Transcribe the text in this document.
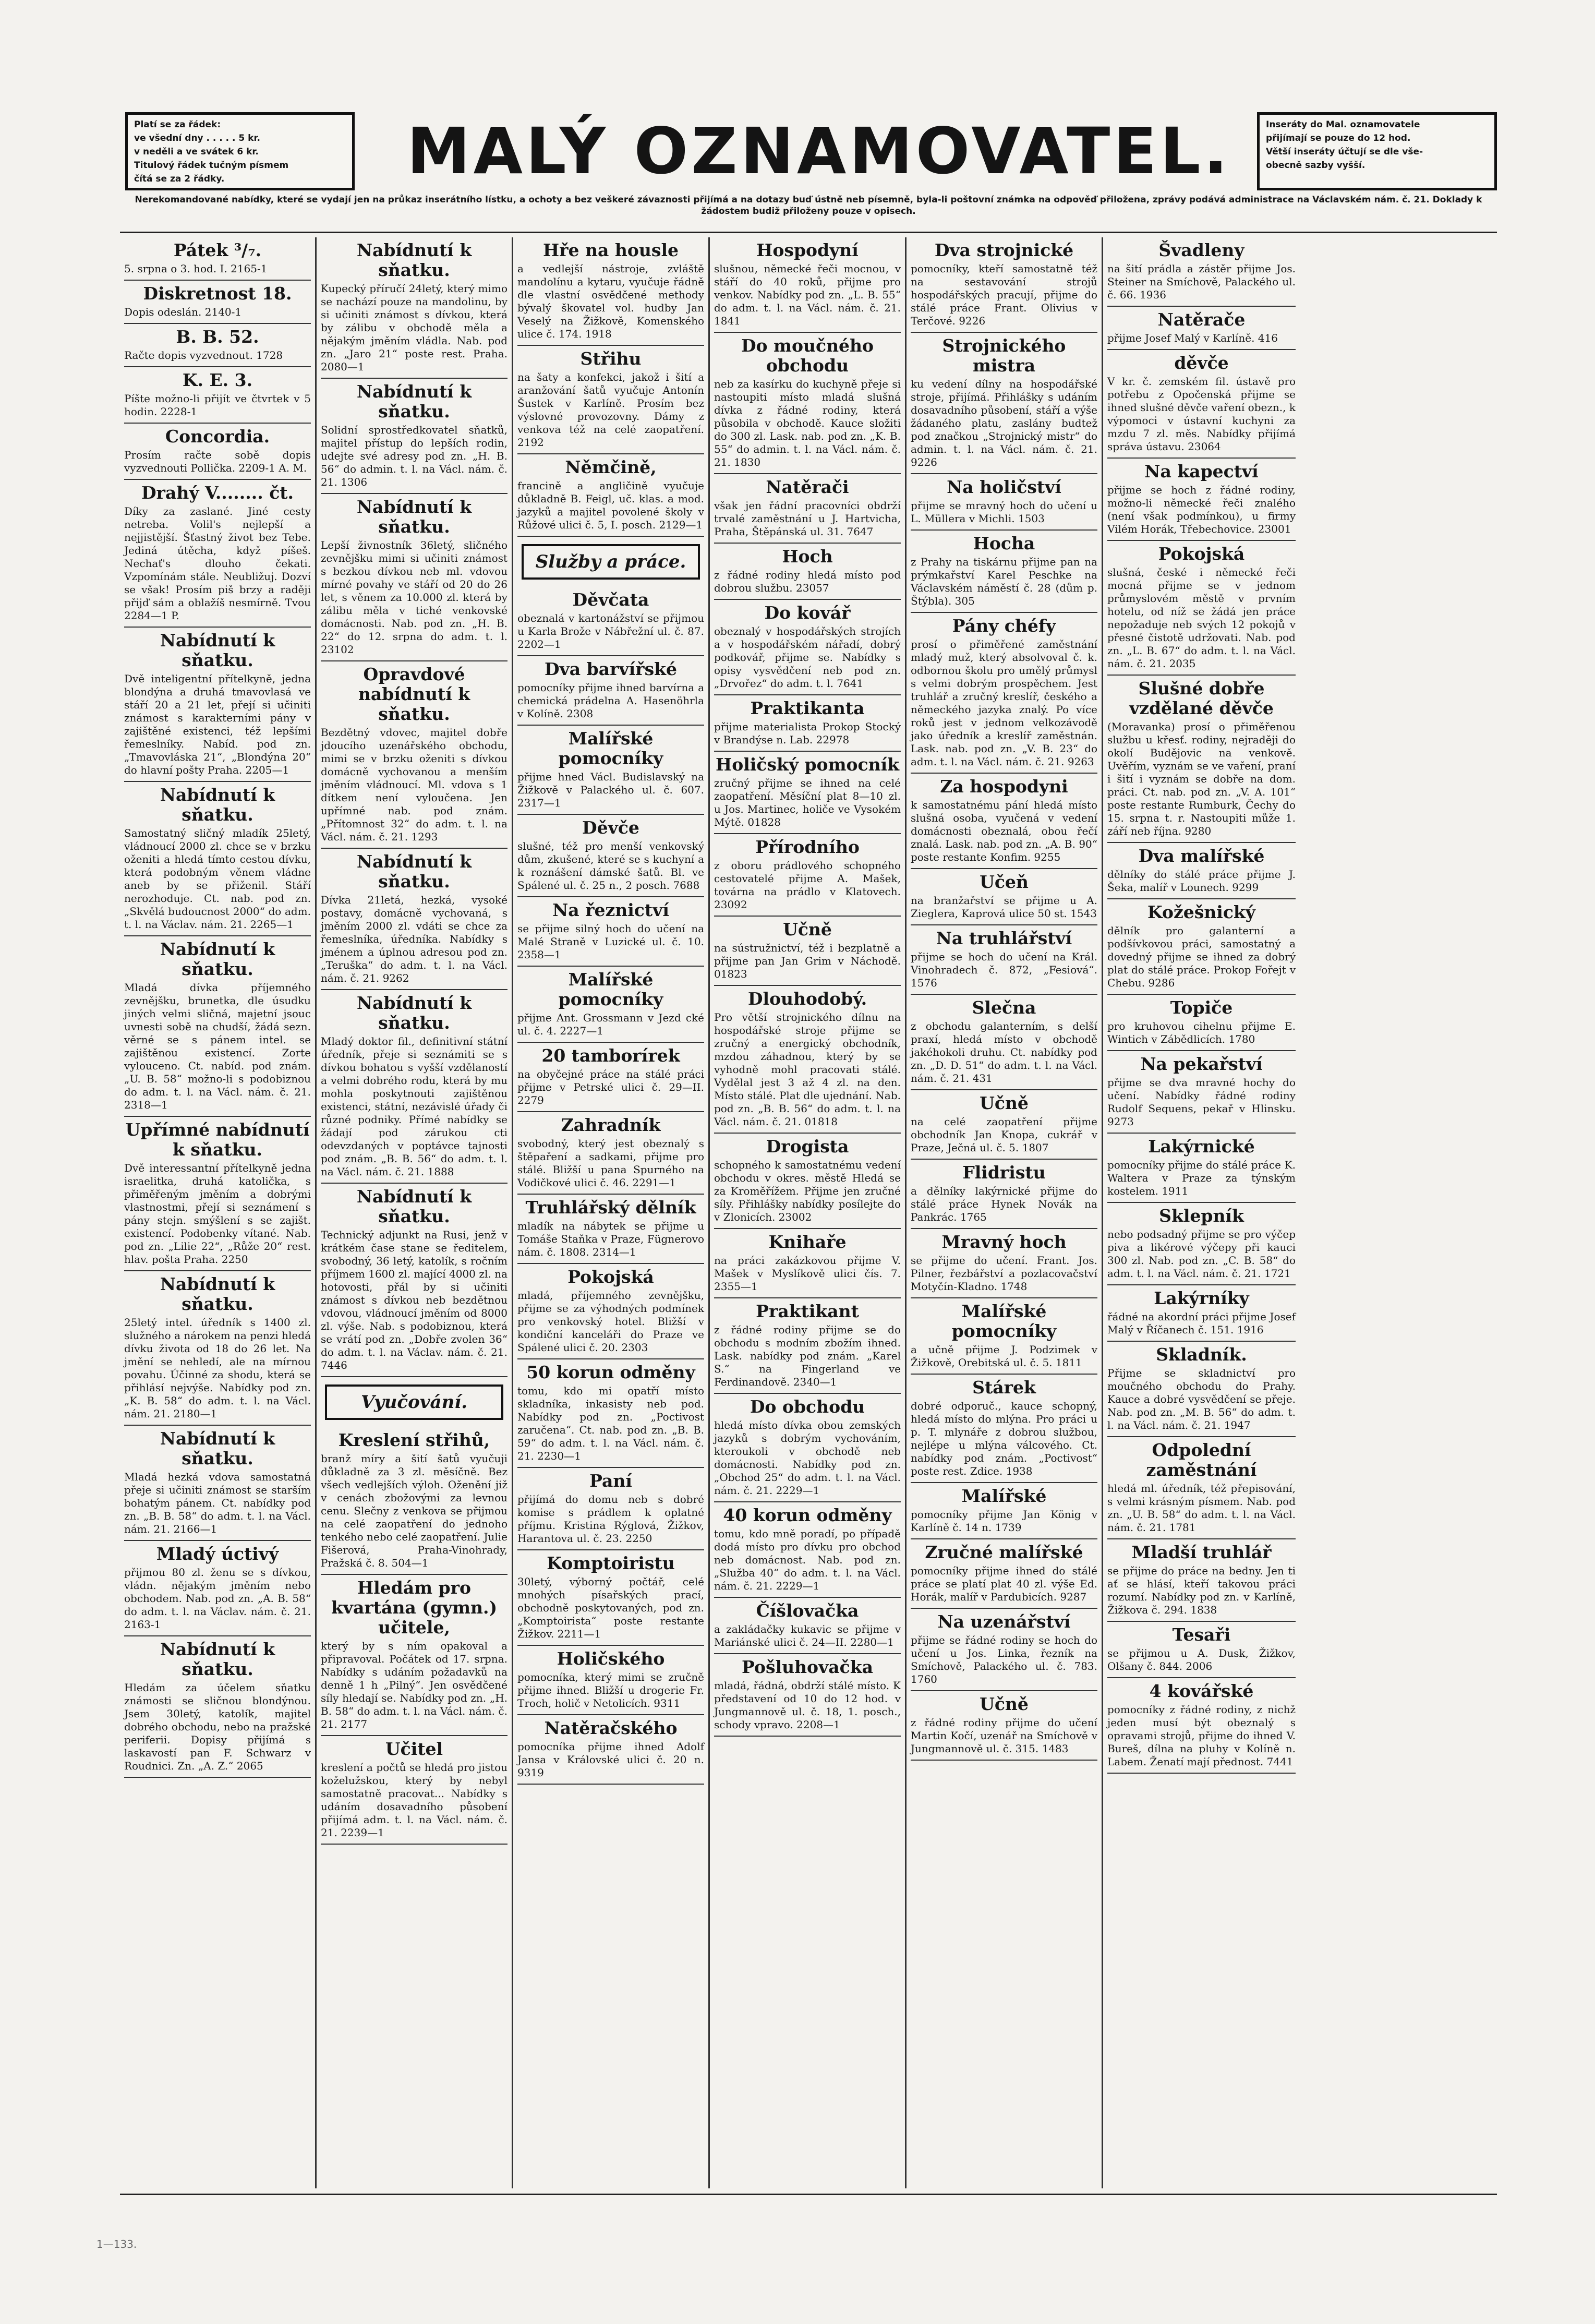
Platí se za řádek:

ve všední dny . . . . . 5 kr.

v neděli a ve svátek 6 kr.

Titulový řádek tučným písmem

čítá se za 2 řádky.	MALÝ OZNAMOVATEL.	Inseráty do Mal. oznamovatele

přijímají se pouze do 12 hod.

Větší inseráty účtují se dle vše-

obecně sazby vyšší.

Nerekomandované nabídky, které se vydají jen na průkaz inserátního lístku, a ochoty a bez veškeré závaznosti přijímá a na dotazy buď ústně neb písemně, byla-li poštovní známka na odpověď přiložena, zprávy podává administrace na Václavském nám. č. 21. Doklady k žádostem budiž přiloženy pouze v opisech.

Pátek ³/₇.

5. srpna o 3. hod. I. 2165-1

Diskretnost 18.

Dopis odeslán. 2140-1

B. B. 52.

Račte dopis vyzvednout. 1728

K. E. 3.

Píšte možno-li přijít ve čtvrtek v 5 hodin. 2228-1

Concordia.

Prosím račte sobě dopis vyzvednouti Pollička. 2209-1 A. M.

Drahý V........ čt.

Díky za zaslané. Jiné cesty netreba. Volil's nejlepší a nejjistější. Šťastný život bez Tebe. Jediná útěcha, když píšeš. Nechať's dlouho čekati. Vzpomínám stále. Neubližuj. Dozví se však! Prosím piš brzy a raději přijď sám a oblažíš nesmírně. Tvou 2284—1 P.

Nabídnutí k sňatku.

Dvě inteligentní přítelkyně, jedna blondýna a druhá tmavovlasá ve stáří 20 a 21 let, přejí si učiniti známost s karakterními pány v zajištěné existenci, též lepšími řemeslníky. Nabíd. pod zn. „Tmavovláska 21“, „Blondýna 20“ do hlavní pošty Praha. 2205—1

Nabídnutí k sňatku.

Samostatný sličný mladík 25letý, vládnoucí 2000 zl. chce se v brzku oženiti a hledá tímto cestou dívku, která podobným věnem vládne aneb by se přiženil. Stáří nerozhoduje. Ct. nab. pod zn. „Skvělá budoucnost 2000“ do adm. t. l. na Václav. nám. 21. 2265—1

Nabídnutí k sňatku.

Mladá dívka příjemného zevnějšku, brunetka, dle úsudku jiných velmi sličná, majetní jsouc uvnesti sobě na chudší, žádá sezn. věrné se s pánem intel. se zajištěnou existencí. Zorte vylouceno. Ct. nabíd. pod znám. „U. B. 58“ možno-li s podobiznou do adm. t. l. na Václ. nám. č. 21. 2318—1

Upřímné nabídnutí k sňatku.

Dvě interessantní přítelkyně jedna israelitka, druhá katolička, s přiměřeným jměním a dobrými vlastnostmi, přejí si seznámení s pány stejn. smýšlení s se zajišt. existencí. Podobenky vítané. Nab. pod zn. „Lilie 22“, „Růže 20“ rest. hlav. pošta Praha. 2250

Nabídnutí k sňatku.

25letý intel. úředník s 1400 zl. služného a nárokem na penzi hledá dívku života od 18 do 26 let. Na jmění se nehledí, ale na mírnou povahu. Účinné za shodu, která se přihlásí nejvýše. Nabídky pod zn. „K. B. 58“ do adm. t. l. na Václ. nám. 21. 2180—1

Nabídnutí k sňatku.

Mladá hezká vdova samostatná přeje si učiniti známost se starším bohatým pánem. Ct. nabídky pod zn. „B. B. 58“ do adm. t. l. na Václ. nám. 21. 2166—1

Mladý úctivý

přijmou 80 zl. ženu se s dívkou, vládn. nějakým jměním nebo obchodem. Nab. pod zn. „A. B. 58“ do adm. t. l. na Václav. nám. č. 21. 2163-1

Nabídnutí k sňatku.

Hledám za účelem sňatku známosti se sličnou blondýnou. Jsem 30letý, katolík, majitel dobrého obchodu, nebo na pražské periferii. Dopisy přijímá s laskavostí pan F. Schwarz v Roudnici. Zn. „A. Z.“ 2065

Nabídnutí k sňatku.

Kupecký příručí 24letý, který mimo se nachází pouze na mandolinu, by si učiniti známost s dívkou, která by zálibu v obchodě měla a nějakým jměním vládla. Nab. pod zn. „Jaro 21“ poste rest. Praha. 2080—1

Nabídnutí k sňatku.

Solidní sprostředkovatel sňatků, majitel přístup do lepších rodin, udejte své adresy pod zn. „H. B. 56“ do admin. t. l. na Václ. nám. č. 21. 1306

Nabídnutí k sňatku.

Lepší živnostník 36letý, sličného zevnějšku mimi si učiniti známost s bezkou dívkou neb ml. vdovou mírné povahy ve stáří od 20 do 26 let, s věnem za 10.000 zl. která by zálibu měla v tiché venkovské domácnosti. Nab. pod zn. „H. B. 22“ do 12. srpna do adm. t. l. 23102

Opravdové nabídnutí k sňatku.

Bezdětný vdovec, majitel dobře jdoucího uzenářského obchodu, mimi se v brzku oženiti s dívkou domácně vychovanou a menším jměním vládnoucí. Ml. vdova s 1 dítkem není vyloučena. Jen upřímné nab. pod znám. „Přítomnost 32“ do adm. t. l. na Václ. nám. č. 21. 1293

Nabídnutí k sňatku.

Dívka 21letá, hezká, vysoké postavy, domácně vychovaná, s jměním 2000 zl. vdáti se chce za řemeslníka, úředníka. Nabídky s jménem a úplnou adresou pod zn. „Teruška“ do adm. t. l. na Václ. nám. č. 21. 9262

Nabídnutí k sňatku.

Mladý doktor fil., definitivní státní úředník, přeje si seznámiti se s dívkou bohatou s vyšší vzdělaností a velmi dobrého rodu, která by mu mohla poskytnouti zajištěnou existenci, státní, nezávislé úřady či různé podniky. Přímé nabídky se žádají pod zárukou cti odevzdaných v poptávce tajnosti pod znám. „B. B. 56“ do adm. t. l. na Václ. nám. č. 21. 1888

Nabídnutí k sňatku.

Technický adjunkt na Rusi, jenž v krátkém čase stane se ředitelem, svobodný, 36 letý, katolík, s ročním příjmem 1600 zl. mající 4000 zl. na hotovosti, přál by si učiniti známost s dívkou neb bezdětnou vdovou, vládnoucí jměním od 8000 zl. výše. Nab. s podobiznou, která se vrátí pod zn. „Dobře zvolen 36“ do adm. t. l. na Václav. nám. č. 21. 7446

Vyučování.
Kreslení střihů,

branž míry a šití šatů vyučuji důkladně za 3 zl. měsíčně. Bez všech vedlejších výloh. Oženění již v cenách zbožovými za levnou cenu. Slečny z venkova se přijmou na celé zaopatření do jednoho tenkého nebo celé zaopatření. Julie Fišerová, Praha-Vinohrady, Pražská č. 8. 504—1

Hledám pro kvartána (gymn.) učitele,

který by s ním opakoval a připravoval. Počátek od 17. srpna. Nabídky s udáním požadavků na denně 1 h „Pilný“. Jen osvědčené síly hledají se. Nabídky pod zn. „H. B. 58“ do adm. t. l. na Václ. nám. č. 21. 2177

Učitel

kreslení a počtů se hledá pro jistou koželužskou, který by nebyl samostatně pracovat... Nabídky s udáním dosavadního působení přijímá adm. t. l. na Václ. nám. č. 21. 2239—1

Hře na housle

a vedlejší nástroje, zvláště mandolínu a kytaru, vyučuje řádně dle vlastní osvědčené methody bývalý škovatel vol. hudby Jan Veselý na Žižkově, Komenského ulice č. 174. 1918

Střihu

na šaty a konfekci, jakož i šití a aranžování šatů vyučuje Antonín Šustek v Karlíně. Prosím bez výslovné provozovny. Dámy z venkova též na celé zaopatření. 2192

Němčině,

francině a angličině vyučuje důkladně B. Feigl, uč. klas. a mod. jazyků a majitel povolené školy v Růžové ulici č. 5, I. posch. 2129—1

Služby a práce.
Děvčata

obeznalá v kartonážství se přijmou u Karla Brože v Nábřežní ul. č. 87. 2202—1

Dva barvířské

pomocníky přijme ihned barvírna a chemická prádelna A. Hasenöhrla v Kolíně. 2308

Malířské pomocníky

přijme hned Václ. Budislavský na Žižkově v Palackého ul. č. 607. 2317—1

Děvče

slušné, též pro menší venkovský dům, zkušené, které se s kuchyní a k roznášení dámské šatů. Bl. ve Spálené ul. č. 25 n., 2 posch. 7688

Na řeznictví

se přijme silný hoch do učení na Malé Straně v Luzické ul. č. 10. 2358—1

Malířské pomocníky

přijme Ant. Grossmann v Jezd cké ul. č. 4. 2227—1

20 tamborírek

na obyčejné práce na stálé práci přijme v Petrské ulici č. 29—II. 2279

Zahradník

svobodný, který jest obeznalý s štěpaření a sadkami, přijme pro stálé. Bližší u pana Spurného na Vodičkové ulici č. 46. 2291—1

Truhlářský dělník

mladík na nábytek se přijme u Tomáše Staňka v Praze, Fügnerovo nám. č. 1808. 2314—1

Pokojská

mladá, příjemného zevnějšku, přijme se za výhodných podmínek pro venkovský hotel. Bližší v kondiční kanceláři do Praze ve Spálené ulici č. 20. 2303

50 korun odměny

tomu, kdo mi opatří místo skladníka, inkasisty neb pod. Nabídky pod zn. „Poctivost zaručena“. Ct. nab. pod zn. „B. B. 59“ do adm. t. l. na Václ. nám. č. 21. 2230—1

Paní

přijímá do domu neb s dobré komise s prádlem k oplatné příjmu. Kristina Rýglová, Žižkov, Harantova ul. č. 23. 2250

Komptoiristu

30letý, výborný počtář, celé mnohých písařských prací, obchodně poskytovaných, pod zn. „Komptoirista“ poste restante Žižkov. 2211—1

Holičského

pomocníka, který mimi se zručně přijme ihned. Bližší u drogerie Fr. Troch, holič v Netolicích. 9311

Natěračského

pomocníka přijme ihned Adolf Jansa v Královské ulici č. 20 n. 9319

Hospodyní

slušnou, německé řeči mocnou, v stáří do 40 roků, přijme pro venkov. Nabídky pod zn. „L. B. 55“ do adm. t. l. na Václ. nám. č. 21. 1841

Do moučného obchodu

neb za kasírku do kuchyně přeje si nastoupiti místo mladá slušná dívka z řádné rodiny, která působila v obchodě. Kauce složiti do 300 zl. Lask. nab. pod zn. „K. B. 55“ do admin. t. l. na Václ. nám. č. 21. 1830

Natěrači

však jen řádní pracovníci obdrží trvalé zaměstnání u J. Hartvicha, Praha, Štěpánská ul. 31. 7647

Hoch

z řádné rodiny hledá místo pod dobrou službu. 23057

Do kovář

obeznalý v hospodářských strojích a v hospodářském nářadí, dobrý podkovář, přijme se. Nabídky s opisy vysvědčení neb pod zn. „Drvořez“ do adm. t. l. 7641

Praktikanta

přijme materialista Prokop Stocký v Brandýse n. Lab. 22978

Holičský pomocník

zručný přijme se ihned na celé zaopatření. Měsíční plat 8—10 zl. u Jos. Martinec, holiče ve Vysokém Mýtě. 01828

Přírodního

z oboru prádlového schopného cestovatelé přijme A. Mašek, továrna na prádlo v Klatovech. 23092

Učně

na sústružnictví, též i bezplatně a přijme pan Jan Grim v Náchodě. 01823

Dlouhodobý.

Pro větší strojnického dílnu na hospodářské stroje přijme se zručný a energický obchodník, mzdou záhadnou, který by se vyhodně mohl pracovati stálé. Vydělal jest 3 až 4 zl. na den. Místo stálé. Plat dle ujednání. Nab. pod zn. „B. B. 56“ do adm. t. l. na Václ. nám. č. 21. 01818

Drogista

schopného k samostatnému vedení obchodu v okres. městě Hledá se za Kroměřížem. Přijme jen zručné síly. Přihlášky nabídky posílejte do v Zlonicích. 23002

Knihaře

na práci zakázkovou přijme V. Mašek v Myslíkově ulici čís. 7. 2355—1

Praktikant

z řádné rodiny přijme se do obchodu s modním zbožím ihned. Lask. nabídky pod znám. „Karel S.“ na Fingerland ve Ferdinandově. 2340—1

Do obchodu

hledá místo dívka obou zemských jazyků s dobrým vychováním, kteroukoli v obchodě neb domácnosti. Nabídky pod zn. „Obchod 25“ do adm. t. l. na Václ. nám. č. 21. 2229—1

40 korun odměny

tomu, kdo mně poradí, po případě dodá místo pro dívku pro obchod neb domácnost. Nab. pod zn. „Služba 40“ do adm. t. l. na Václ. nám. č. 21. 2229—1

Číšlovačka

a zakládačky kukavic se přijme v Mariánské ulici č. 24—II. 2280—1

Pošluhovačka

mladá, řádná, obdrží stálé místo. K představení od 10 do 12 hod. v Jungmannově ul. č. 18, 1. posch., schody vpravo. 2208—1

Dva strojnické

pomocníky, kteří samostatně též na sestavování strojů hospodářských pracují, přijme do stálé práce Frant. Olivius v Terčové. 9226

Strojnického mistra

ku vedení dílny na hospodářské stroje, přijímá. Přihlášky s udáním dosavadního působení, stáří a výše žádaného platu, zaslány budtež pod značkou „Strojnický mistr“ do admin. t. l. na Václ. nám. č. 21. 9226

Na holičství

přijme se mravný hoch do učení u L. Müllera v Michli. 1503

Hocha

z Prahy na tiskárnu přijme pan na prýmkařství Karel Peschke na Václavském náměstí č. 28 (dům p. Štýbla). 305

Pány chéfy

prosí o přiměřené zaměstnání mladý muž, který absolvoval č. k. odbornou školu pro umělý průmysl s velmi dobrým prospěchem. Jest truhlář a zručný kreslíř, českého a německého jazyka znalý. Po více roků jest v jednom velkozávodě jako úředník a kreslíř zaměstnán. Lask. nab. pod zn. „V. B. 23“ do adm. t. l. na Václ. nám. č. 21. 9263

Za hospodyni

k samostatnému pání hledá místo slušná osoba, vyučená v vedení domácnosti obeznalá, obou řečí znalá. Lask. nab. pod zn. „A. B. 90“ poste restante Konfim. 9255

Učeň

na branžařství se přijme u A. Zieglera, Kaprová ulice 50 st. 1543

Na truhlářství

přijme se hoch do učení na Král. Vinohradech č. 872, „Fesiová“. 1576

Slečna

z obchodu galanterním, s delší praxí, hledá místo v obchodě jakéhokoli druhu. Ct. nabídky pod zn. „D. D. 51“ do adm. t. l. na Václ. nám. č. 21. 431

Učně

na celé zaopatření přijme obchodník Jan Knopa, cukrář v Praze, Ječná ul. č. 5. 1807

Flidristu

a dělníky lakýrnické přijme do stálé práce Hynek Novák na Pankrác. 1765

Mravný hoch

se přijme do učení. Frant. Jos. Pilner, řezbářství a pozlacovačství Motyčín-Kladno. 1748

Malířské pomocníky

a učně přijme J. Podzimek v Žižkově, Orebitská ul. č. 5. 1811

Stárek

dobré odporuč., kauce schopný, hledá místo do mlýna. Pro práci u p. T. mlynáře z dobrou službou, nejlépe u mlýna válcového. Ct. nabídky pod znám. „Poctivost“ poste rest. Zdice. 1938

Malířské

pomocníky přijme Jan König v Karlíně č. 14 n. 1739

Zručné malířské

pomocníky přijme ihned do stálé práce se platí plat 40 zl. výše Ed. Horák, malíř v Pardubicích. 9287

Na uzenářství

přijme se řádné rodiny se hoch do učení u Jos. Linka, řezník na Smíchově, Palackého ul. č. 783. 1760

Učně

z řádné rodiny přijme do učení Martin Kočí, uzenář na Smíchově v Jungmannově ul. č. 315. 1483

Švadleny

na šití prádla a zástěr přijme Jos. Steiner na Smíchově, Palackého ul. č. 66. 1936

Natěrače

přijme Josef Malý v Karlíně. 416

děvče

V kr. č. zemském fil. ústavě pro potřebu z Opočenská přijme se ihned slušné děvče vaření obezn., k výpomoci v ústavní kuchyni za mzdu 7 zl. měs. Nabídky přijímá správa ústavu. 23064

Na kapectví

přijme se hoch z řádné rodiny, možno-li německé řeči znalého (není však podmínkou), u firmy Vilém Horák, Třebechovice. 23001

Pokojská

slušná, české i německé řeči mocná přijme se v jednom průmyslovém městě v prvním hotelu, od níž se žádá jen práce nepožaduje neb svých 12 pokojů v přesné čistotě udržovati. Nab. pod zn. „L. B. 67“ do adm. t. l. na Václ. nám. č. 21. 2035

Slušné dobře vzdělané děvče

(Moravanka) prosí o přiměřenou službu u křesť. rodiny, nejraději do okolí Budějovic na venkově. Uvěřím, vyznám se ve vaření, praní i šití i vyznám se dobře na dom. práci. Ct. nab. pod zn. „V. A. 101“ poste restante Rumburk, Čechy do 15. srpna t. r. Nastoupiti může 1. září neb října. 9280

Dva malířské

dělníky do stálé práce přijme J. Šeka, malíř v Lounech. 9299

Kožešnický

dělník pro galanterní a podšívkovou práci, samostatný a dovedný přijme se ihned za dobrý plat do stálé práce. Prokop Fořejt v Chebu. 9286

Topiče

pro kruhovou cihelnu přijme E. Wintich v Zábědlicích. 1780

Na pekařství

přijme se dva mravné hochy do učení. Nabídky řádné rodiny Rudolf Sequens, pekař v Hlinsku. 9273

Lakýrnické

pomocníky přijme do stálé práce K. Waltera v Praze za týnským kostelem. 1911

Sklepník

nebo podsadný přijme se pro výčep piva a likérové výčepy při kauci 300 zl. Nab. pod zn. „C. B. 58“ do adm. t. l. na Václ. nám. č. 21. 1721

Lakýrníky

řádné na akordní práci přijme Josef Malý v Říčanech č. 151. 1916

Skladník.

Přijme se skladnictví pro moučného obchodu do Prahy. Kauce a dobré vysvědčení se přeje. Nab. pod zn. „M. B. 56“ do adm. t. l. na Václ. nám. č. 21. 1947

Odpolední zaměstnání

hledá ml. úředník, též přepisování, s velmi krásným písmem. Nab. pod zn. „U. B. 58“ do adm. t. l. na Václ. nám. č. 21. 1781

Mladší truhlář

se přijme do práce na bedny. Jen ti ať se hlásí, kteří takovou práci rozumí. Nabídky pod zn. v Karlíně, Žižkova č. 294. 1838

Tesaři

se přijmou u A. Dusk, Žižkov, Olšany č. 844. 2006

4 kovářské

pomocníky z řádné rodiny, z nichž jeden musí být obeznalý s opravami strojů, přijme do ihned V. Bureš, dílna na pluhy v Kolíně n. Labem. Ženatí mají přednost. 7441

1—133.
